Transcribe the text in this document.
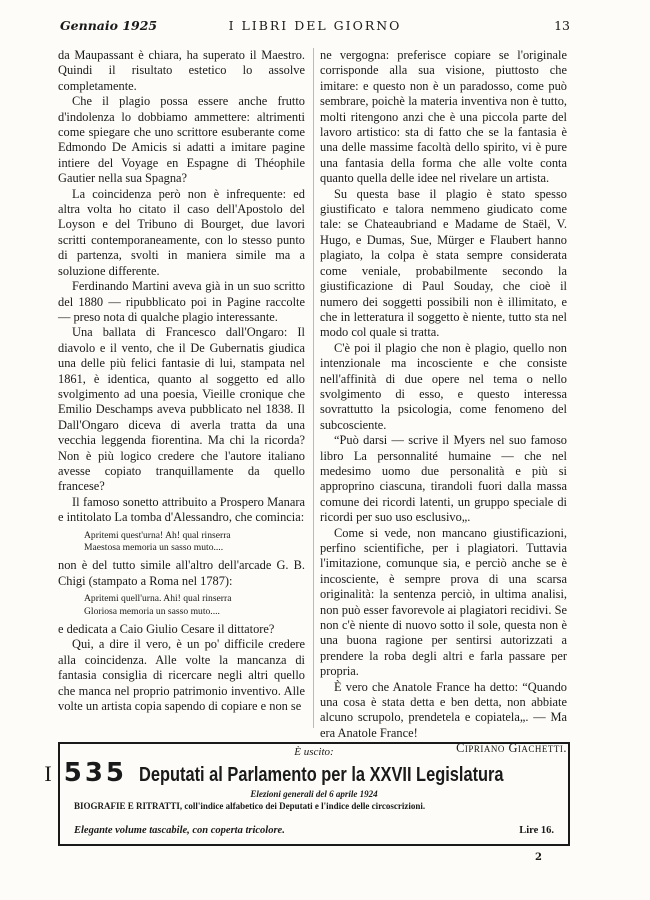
Gennaio 1925	I LIBRI DEL GIORNO	13

da Maupassant è chiara, ha superato il Maestro. Quindi il risultato estetico lo assolve completamente.

Che il plagio possa essere anche frutto d'indolenza lo dobbiamo ammettere: altrimenti come spiegare che uno scrittore esuberante come Edmondo De Amicis si adatti a imitare pagine intiere del Voyage en Espagne di Théophile Gautier nella sua Spagna?

La coincidenza però non è infrequente: ed altra volta ho citato il caso dell'Apostolo del Loyson e del Tribuno di Bourget, due lavori scritti contemporaneamente, con lo stesso punto di partenza, svolti in maniera simile ma a soluzione differente.

Ferdinando Martini aveva già in un suo scritto del 1880 — ripubblicato poi in Pagine raccolte — preso nota di qualche plagio interessante.

Una ballata di Francesco dall'Ongaro: Il diavolo e il vento, che il De Gubernatis giudica una delle più felici fantasie di lui, stampata nel 1861, è identica, quanto al soggetto ed allo svolgimento ad una poesia, Vieille cronique che Emilio Deschamps aveva pubblicato nel 1838. Il Dall'Ongaro diceva di averla tratta da una vecchia leggenda fiorentina. Ma chi la ricorda? Non è più logico credere che l'autore italiano avesse copiato tranquillamente da quello francese?

Il famoso sonetto attribuito a Prospero Manara e intitolato La tomba d'Alessandro, che comincia:

Apritemi quest'urna! Ah! qual rinserra
Maestosa memoria un sasso muto....

non è del tutto simile all'altro dell'arcade G. B. Chigi (stampato a Roma nel 1787):

Apritemi quell'urna. Ahi! qual rinserra
Gloriosa memoria un sasso muto....

e dedicata a Caio Giulio Cesare il dittatore?

Qui, a dire il vero, è un po' difficile credere alla coincidenza. Alle volte la mancanza di fantasia consiglia di ricercare negli altri quello che manca nel proprio patrimonio inventivo. Alle volte un artista copia sapendo di copiare e non se

ne vergogna: preferisce copiare se l'originale corrisponde alla sua visione, piuttosto che imitare: e questo non è un paradosso, come può sembrare, poichè la materia inventiva non è tutto, molti ritengono anzi che è una piccola parte del lavoro artistico: sta di fatto che se la fantasia è una delle massime facoltà dello spirito, vi è pure una fantasia della forma che alle volte conta quanto quella delle idee nel rivelare un artista.

Su questa base il plagio è stato spesso giustificato e talora nemmeno giudicato come tale: se Chateaubriand e Madame de Staël, V. Hugo, e Dumas, Sue, Mürger e Flaubert hanno plagiato, la colpa è stata sempre considerata come veniale, probabilmente secondo la giustificazione di Paul Souday, che cioè il numero dei soggetti possibili non è illimitato, e che in letteratura il soggetto è niente, tutto sta nel modo col quale si tratta.

C'è poi il plagio che non è plagio, quello non intenzionale ma incosciente e che consiste nell'affinità di due opere nel tema o nello svolgimento di esso, e questo interessa sovrattutto la psicologia, come fenomeno del subcosciente.

“Può darsi — scrive il Myers nel suo famoso libro La personnalité humaine — che nel medesimo uomo due personalità e più si approprino ciascuna, tirandoli fuori dalla massa comune dei ricordi latenti, un gruppo speciale di ricordi per suo uso esclusivo„.

Come si vede, non mancano giustificazioni, perfino scientifiche, per i plagiatori. Tuttavia l'imitazione, comunque sia, e perciò anche se è incosciente, è sempre prova di una scarsa originalità: la sentenza perciò, in ultima analisi, non può esser favorevole ai plagiatori recidivi. Se non c'è niente di nuovo sotto il sole, questa non è una buona ragione per sentirsi autorizzati a prendere la roba degli altri e farla passare per propria.

È vero che Anatole France ha detto: “Quando una cosa è stata detta e ben detta, non abbiate alcuno scrupolo, prendetela e copiatela„. — Ma era Anatole France!

Cipriano Giachetti.
È uscito:
I 535 Deputati al Parlamento per la XXVII Legislatura
Elezioni generali del 6 aprile 1924
BIOGRAFIE E RITRATTI, coll'indice alfabetico dei Deputati e l'indice delle circoscrizioni.
Elegante volume tascabile, con coperta tricolore.	Lire 16.
2
